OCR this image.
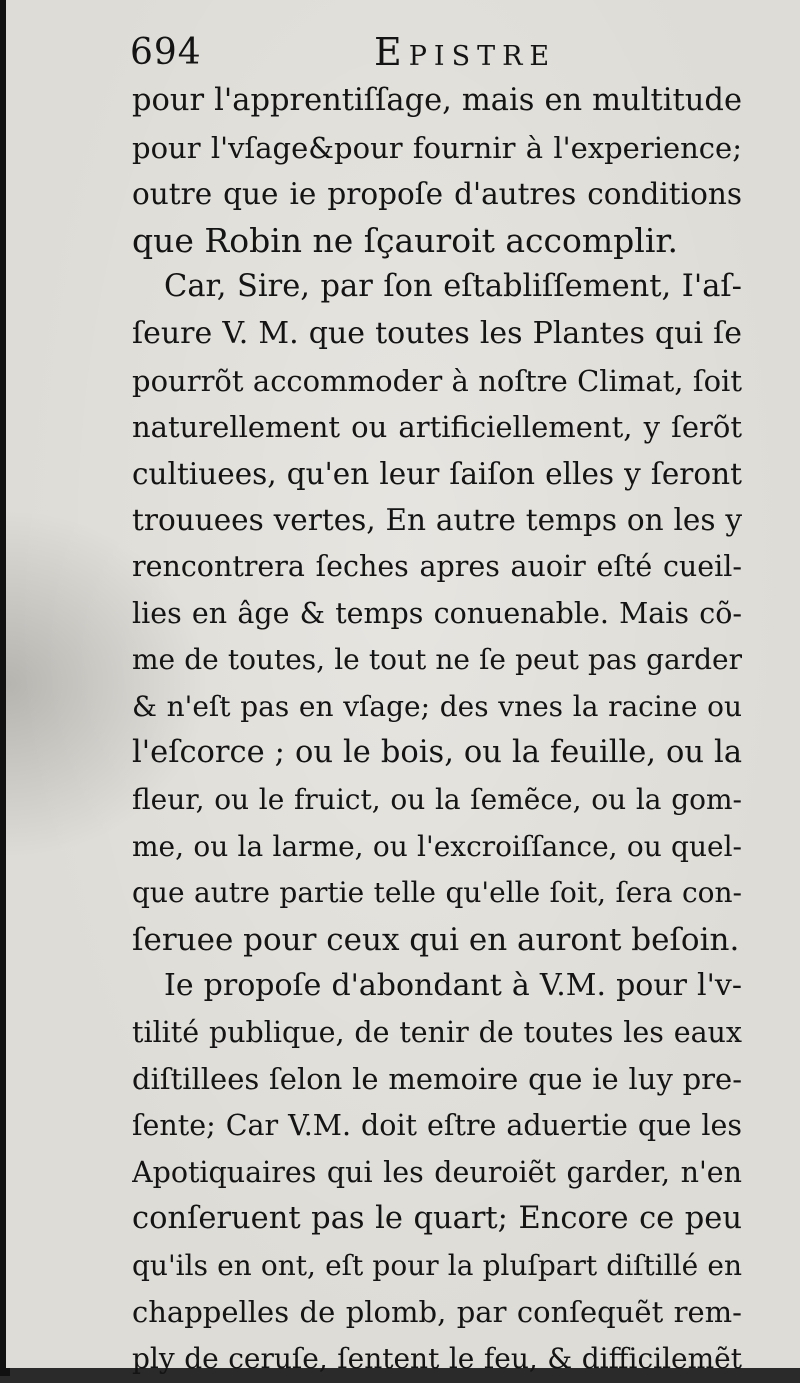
694	Epistre
pour l'apprentiſſage, mais en multitude
pour l'vſage&pour fournir à l'experience;
outre que ie propoſe d'autres conditions
que Robin ne ſçauroit accomplir.
Car, Sire, par ſon eſtabliſſement, I'aſ-
ſeure V. M. que toutes les Plantes qui ſe
pourrõt accommoder à noſtre Climat, ſoit
naturellement ou artificiellement, y ſerõt
cultiuees, qu'en leur ſaiſon elles y ſeront
trouuees vertes, En autre temps on les y
rencontrera ſeches apres auoir eſté cueil-
lies en âge & temps conuenable. Mais cõ-
me de toutes, le tout ne ſe peut pas garder
& n'eſt pas en vſage; des vnes la racine ou
l'eſcorce ; ou le bois, ou la feuille, ou la
fleur, ou le fruict, ou la ſemẽce, ou la gom-
me, ou la larme, ou l'excroiſſance, ou quel-
que autre partie telle qu'elle ſoit, ſera con-
ſeruee pour ceux qui en auront beſoin.
Ie propoſe d'abondant à V.M. pour l'v-
tilité publique, de tenir de toutes les eaux
diſtillees ſelon le memoire que ie luy pre-
ſente; Car V.M. doit eſtre aduertie que les
Apotiquaires qui les deuroiẽt garder, n'en
conſeruent pas le quart; Encore ce peu
qu'ils en ont, eſt pour la pluſpart diſtillé en
chappelles de plomb, par conſequẽt rem-
ply de ceruſe, ſentent le feu, & difficilemẽt
